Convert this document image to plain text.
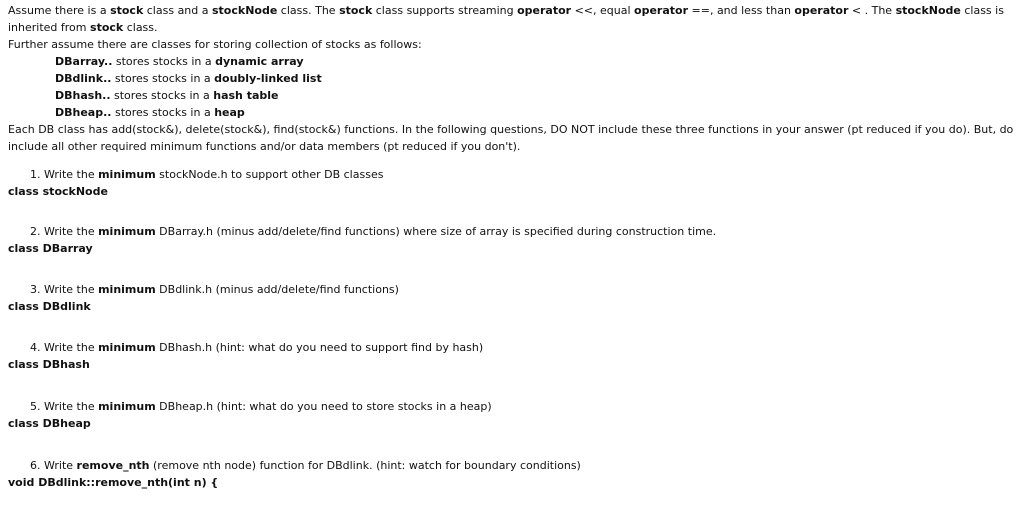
Assume there is a stock class and a stockNode class. The stock class supports streaming operator <<, equal operator ==, and less than operator < . The stockNode class is inherited from stock class.

Further assume there are classes for storing collection of stocks as follows:

DBarray.. stores stocks in a dynamic array
DBdlink.. stores stocks in a doubly-linked list
DBhash.. stores stocks in a hash table
DBheap.. stores stocks in a heap

Each DB class has add(stock&), delete(stock&), find(stock&) functions. In the following questions, DO NOT include these three functions in your answer (pt reduced if you do). But, do include all other required minimum functions and/or data members (pt reduced if you don't).

1. Write the minimum stockNode.h to support other DB classes
class stockNode
2. Write the minimum DBarray.h (minus add/delete/find functions) where size of array is specified during construction time.
class DBarray
3. Write the minimum DBdlink.h (minus add/delete/find functions)
class DBdlink
4. Write the minimum DBhash.h (hint: what do you need to support find by hash)
class DBhash
5. Write the minimum DBheap.h (hint: what do you need to store stocks in a heap)
class DBheap
6. Write remove_nth (remove nth node) function for DBdlink. (hint: watch for boundary conditions)
void DBdlink::remove_nth(int n) {
